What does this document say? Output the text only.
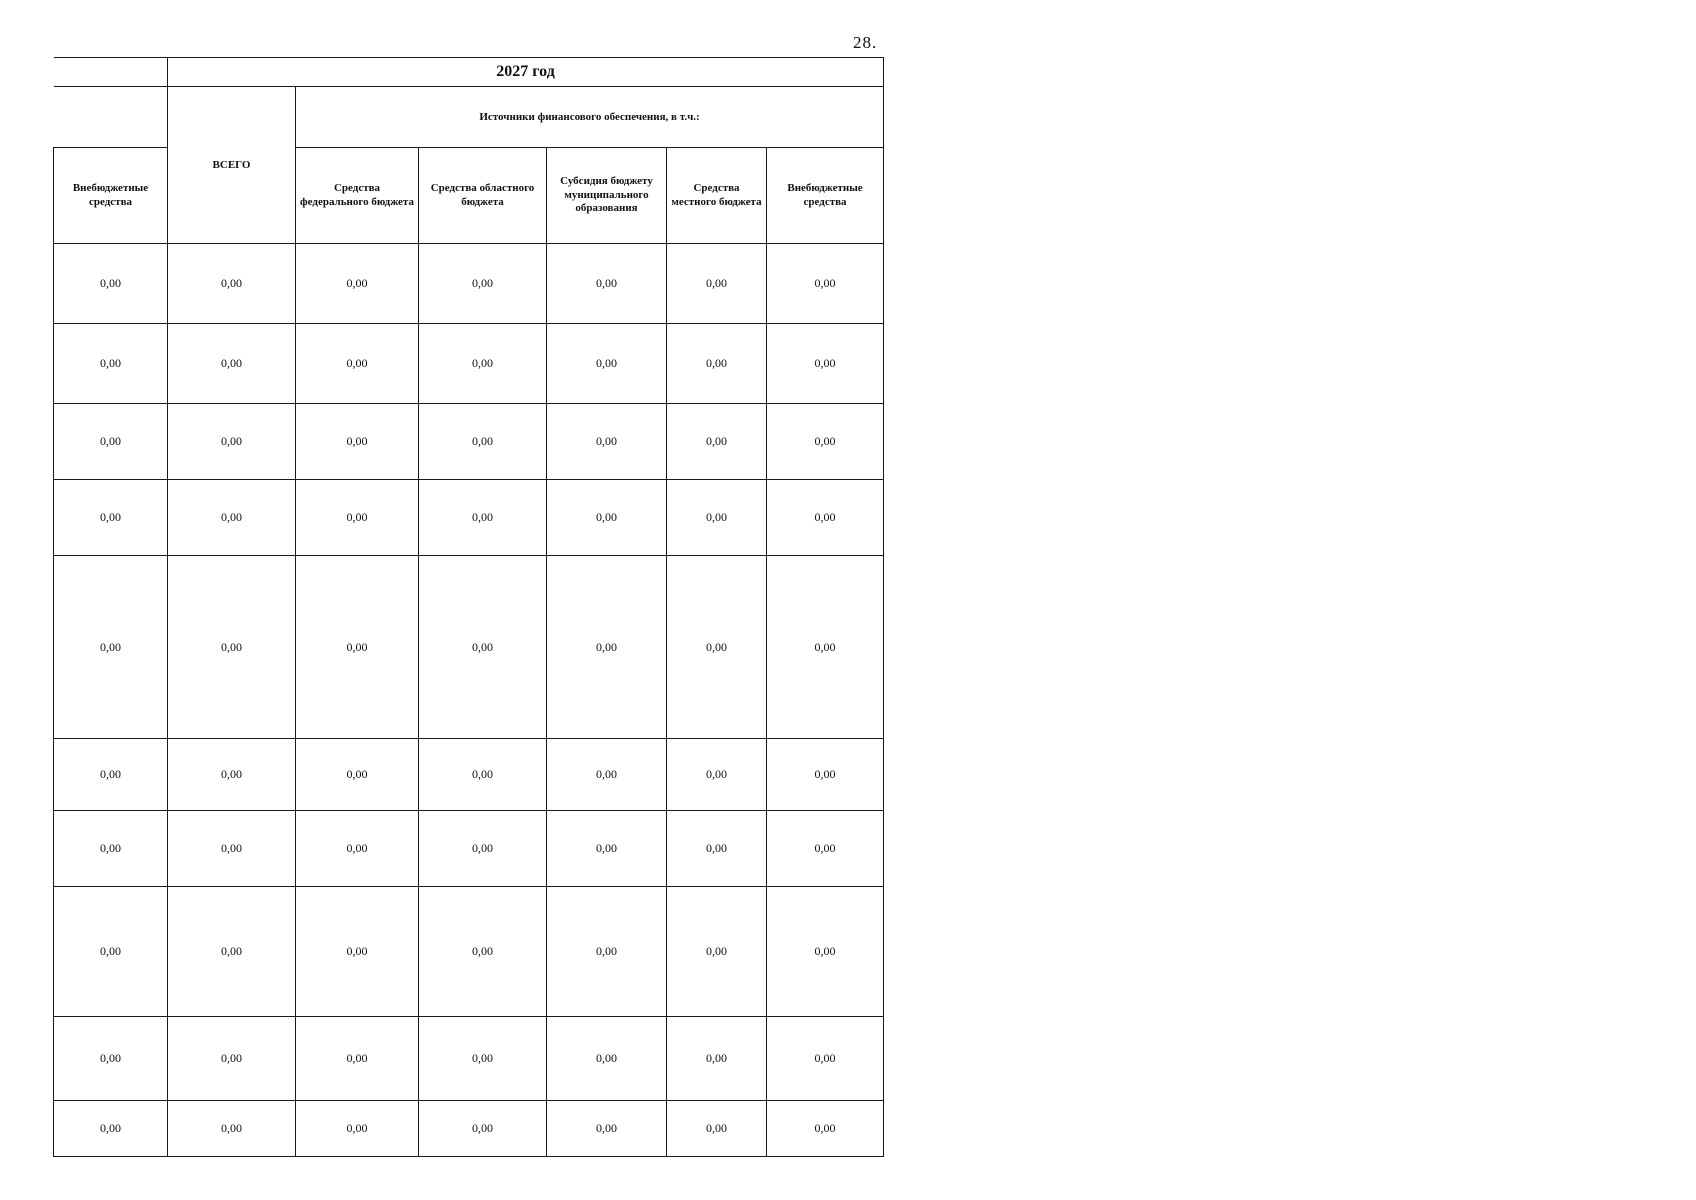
28.
	2027 год					
	ВСЕГО	Источники финансового обеспечения, в т.ч.:				
Внебюджетные средства		Средства федерального бюджета	Средства областного бюджета	Субсидия бюджету муниципального образования	Средства местного бюджета	Внебюджетные средства
0,00	0,00	0,00	0,00	0,00	0,00	0,00
0,00	0,00	0,00	0,00	0,00	0,00	0,00
0,00	0,00	0,00	0,00	0,00	0,00	0,00
0,00	0,00	0,00	0,00	0,00	0,00	0,00
0,00	0,00	0,00	0,00	0,00	0,00	0,00
0,00	0,00	0,00	0,00	0,00	0,00	0,00
0,00	0,00	0,00	0,00	0,00	0,00	0,00
0,00	0,00	0,00	0,00	0,00	0,00	0,00
0,00	0,00	0,00	0,00	0,00	0,00	0,00
0,00	0,00	0,00	0,00	0,00	0,00	0,00
